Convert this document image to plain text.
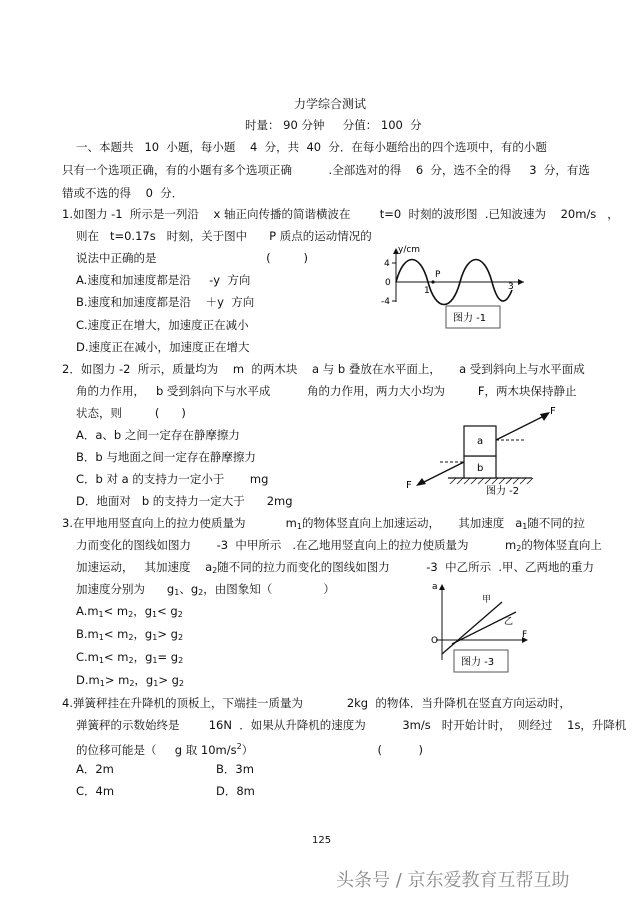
力学综合测试
时量： 90 分钟     分值： 100  分
一、本题共   10  小题，每小题    4  分，共  40  分．在每小题给出的四个选项中，有的小题
只有一个选项正确，有的小题有多个选项正确          .全部选对的得    6  分，选不全的得     3  分，有选
错或不选的得    0  分．
1.如图力 -1  所示是一列沿    x 轴正向传播的简谐横波在        t=0  时刻的波形图  .已知波速为    20m/s   ，
则在   t=0.17s   时刻，关于图中      P 质点的运动情况的
说法中正确的是                              (         )
A.速度和加速度都是沿     -y  方向
B.速度和加速度都是沿    ＋y  方向
C.速度正在增大，加速度正在减小
D.速度正在减小，加速度正在增大
y/cm
4
0
-4
1	3
P
图力 -1
2．如图力 -2  所示，质量均为    m  的两木块    a 与 b 叠放在水平面上，     a 受到斜向上与水平面成
角的力作用，   b 受到斜向下与水平成          角的力作用，两力大小均为         F，两木块保持静止
状态，则         (      )
A．a、b 之间一定存在静摩擦力
B．b 与地面之间一定存在静摩擦力
C．b 对 a 的支持力一定小于       mg
D．地面对   b 的支持力一定大于      2mg
a
b
F
F
图力 -2
3.在甲地用竖直向上的拉力使质量为           $m_1$的物体竖直向上加速运动，     其加速度   $a_1$随不同的拉
力而变化的图线如图力       -3  中甲所示   .在乙地用竖直向上的拉力使质量为          $m_2$的物体竖直向上
加速运动，   其加速度    $a_2$随不同的拉力而变化的图线如图力          -3  中乙所示  .甲、乙两地的重力
加速度分别为      $g_1$、$g_2$，由图象知（              ）
$A.m_1< m_2$，$g_1< g_2$
$B.m_1< m_2$，$g_1> g_2$
$C.m_1< m_2$，$g_1= g_2$
$D.m_1> m_2$，$g_1> g_2$
a
F
O
甲
乙
图力 -3
4.弹簧秤挂在升降机的顶板上，下端挂一质量为            2kg  的物体．当升降机在竖直方向运动时，
弹簧秤的示数始终是        16N  ．如果从升降机的速度为          3m/s   时开始计时，  则经过    1s，升降机
的位移可能是（     g 取 $10m/s^2$）                                  (          )
A．2m	B．3m
C．4m	D．8m
125
头条号 / 京东爱教育互帮互助
